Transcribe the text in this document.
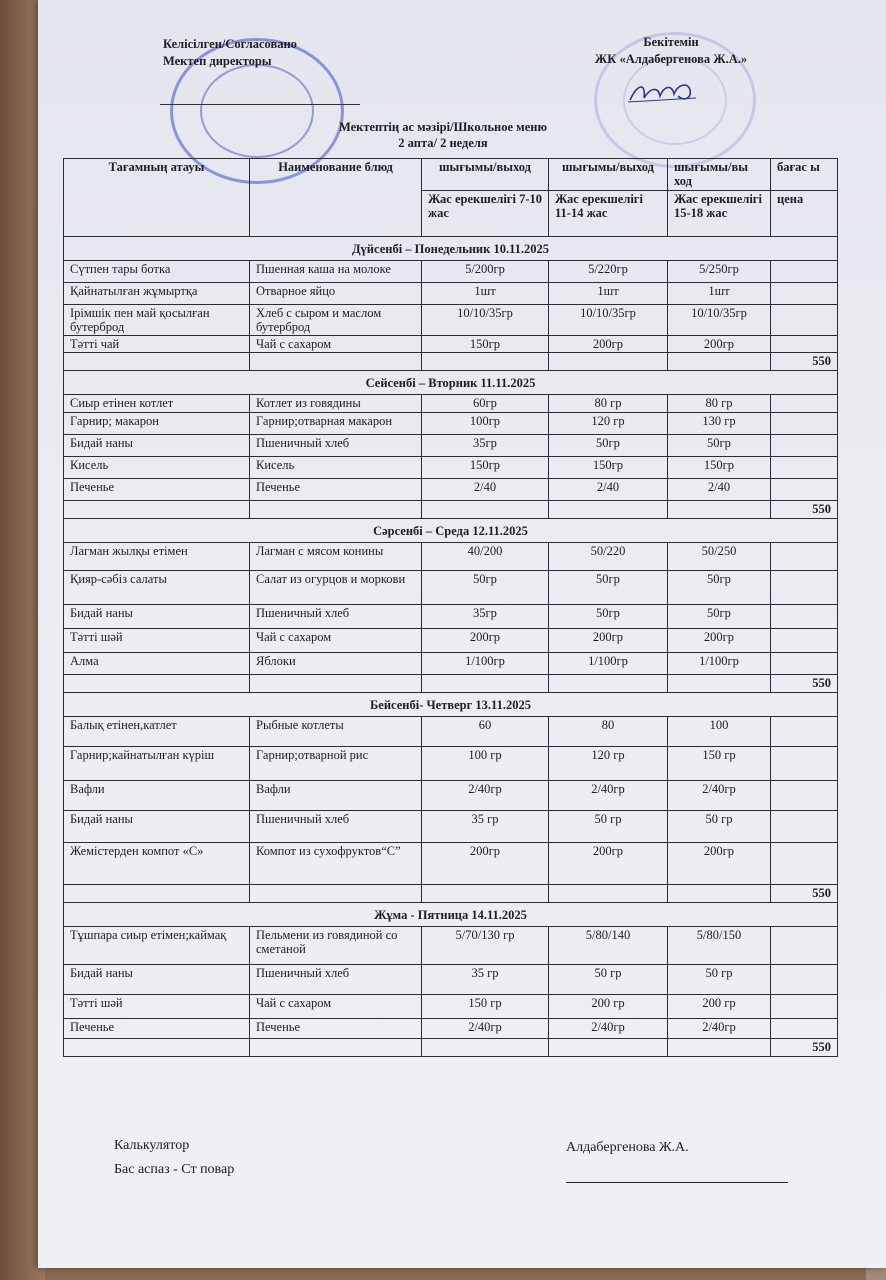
Келісілген/Согласовано
Мектеп директоры
Бекітемін
ЖК «Алдабергенова Ж.А.»
Мектептің ас мәзірі/Школьное меню
2 апта/ 2 неделя
Тағамның атауы	Наименование блюд	шығымы/выход	шығымы/выход	шығымы/вы ход	бағас ы
		Жас ерекшелігі 7-10 жас	Жас ерекшелігі 11-14 жас	Жас ерекшелігі 15-18 жас	цена
Дүйсенбі – Понедельник 10.11.2025					
Сүтпен тары ботка	Пшенная каша на молоке	5/200гр	5/220гр	5/250гр	
Қайнатылған жұмыртқа	Отварное яйцо	1шт	1шт	1шт	
Ірімшік пен май қосылған бутерброд	Хлеб с сыром и маслом бутерброд	10/10/35гр	10/10/35гр	10/10/35гр	
Тәтті чай	Чай с сахаром	150гр	200гр	200гр	
					550
Сейсенбі – Вторник 11.11.2025					
Сиыр етінен котлет	Котлет из говядины	60гр	80 гр	80 гр	
Гарнир; макарон	Гарнир;отварная макарон	100гр	120 гр	130 гр	
Бидай наны	Пшеничный хлеб	35гр	50гр	50гр	
Кисель	Кисель	150гр	150гр	150гр	
Печенье	Печенье	2/40	2/40	2/40	
					550
Сәрсенбі – Среда 12.11.2025					
Лагман жылқы етімен	Лагман с мясом конины	40/200	50/220	50/250	
Қияр-сәбіз салаты	Салат из огурцов и моркови	50гр	50гр	50гр	
Бидай наны	Пшеничный хлеб	35гр	50гр	50гр	
Тәтті шәй	Чай с сахаром	200гр	200гр	200гр	
Алма	Яблоки	1/100гр	1/100гр	1/100гр	
					550
Бейсенбі- Четверг 13.11.2025					
Балық етінен,катлет	Рыбные котлеты	60	80	100	
Гарнир;кайнатылған күріш	Гарнир;отварной рис	100 гр	120 гр	150 гр	
Вафли	Вафли	2/40гр	2/40гр	2/40гр	
Бидай наны	Пшеничный хлеб	35 гр	50 гр	50 гр	
Жемістерден компот «С»	Компот из сухофруктов“С”	200гр	200гр	200гр	
					550
Жұма - Пятница 14.11.2025					
Тұшпара сиыр етімен;каймақ	Пельмени из говядиной со сметаной	5/70/130 гр	5/80/140	5/80/150	
Бидай наны	Пшеничный хлеб	35 гр	50 гр	50 гр	
Тәтті шәй	Чай с сахаром	150 гр	200 гр	200 гр	
Печенье	Печенье	2/40гр	2/40гр	2/40гр	
					550
Калькулятор
Бас аспаз - Ст повар
Алдабергенова Ж.А.
